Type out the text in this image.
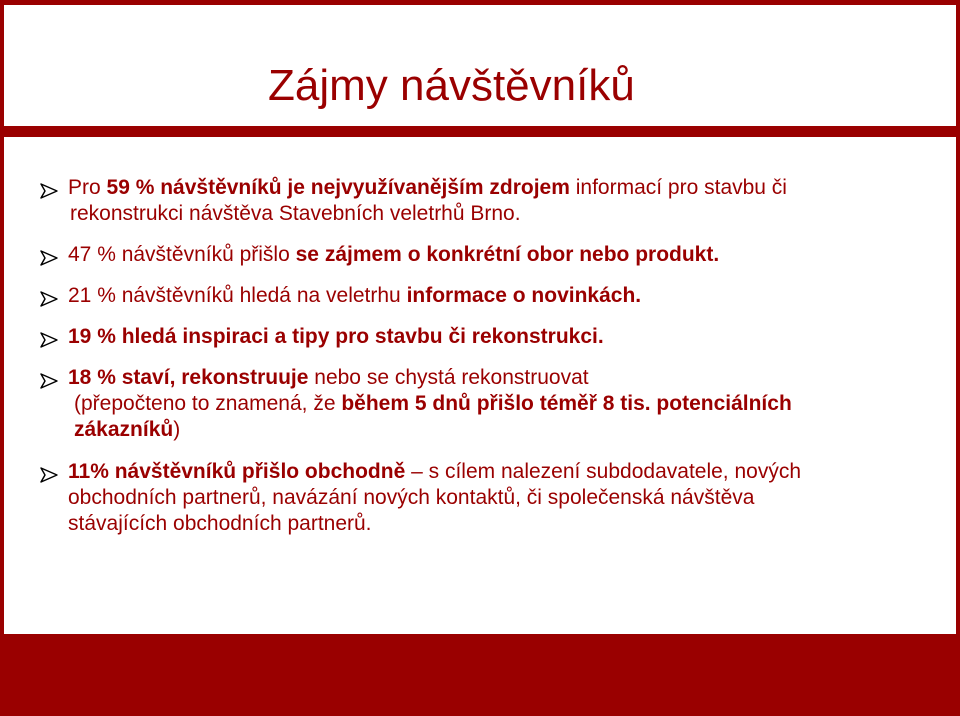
Zájmy návštěvníků
Pro 59 % návštěvníků je nejvyužívanějším zdrojem informací pro stavbu či
rekonstrukci návštěva Stavebních veletrhů Brno.
47 % návštěvníků přišlo se zájmem o konkrétní obor nebo produkt.
21 % návštěvníků hledá na veletrhu informace o novinkách.
19 % hledá inspiraci a tipy pro stavbu či rekonstrukci.
18 % staví, rekonstruuje nebo se chystá rekonstruovat
(přepočteno to znamená, že během 5 dnů přišlo téměř 8 tis. potenciálních
zákazníků)
11% návštěvníků přišlo obchodně – s cílem nalezení subdodavatele, nových
obchodních partnerů, navázání nových kontaktů, či společenská návštěva
stávajících obchodních partnerů.
